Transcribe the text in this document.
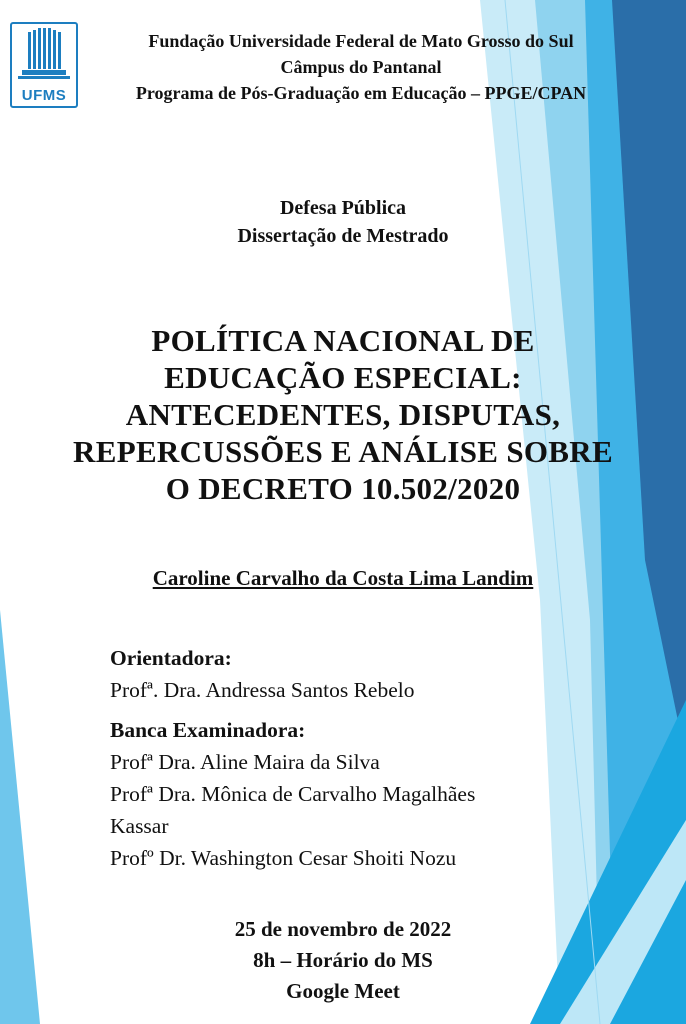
UFMS
Fundação Universidade Federal de Mato Grosso do Sul
Câmpus do Pantanal
Programa de Pós-Graduação em Educação – PPGE/CPAN
Defesa Pública
Dissertação de Mestrado
POLÍTICA NACIONAL DE
EDUCAÇÃO ESPECIAL:
ANTECEDENTES, DISPUTAS,
REPERCUSSÕES E ANÁLISE SOBRE
O DECRETO 10.502/2020
Caroline Carvalho da Costa Lima Landim
Orientadora:
Profª. Dra. Andressa Santos Rebelo
Banca Examinadora:
Profª Dra. Aline Maira da Silva
Profª Dra. Mônica de Carvalho Magalhães
Kassar
Profº Dr. Washington Cesar Shoiti Nozu
25 de novembro de 2022
8h – Horário do MS
Google Meet
